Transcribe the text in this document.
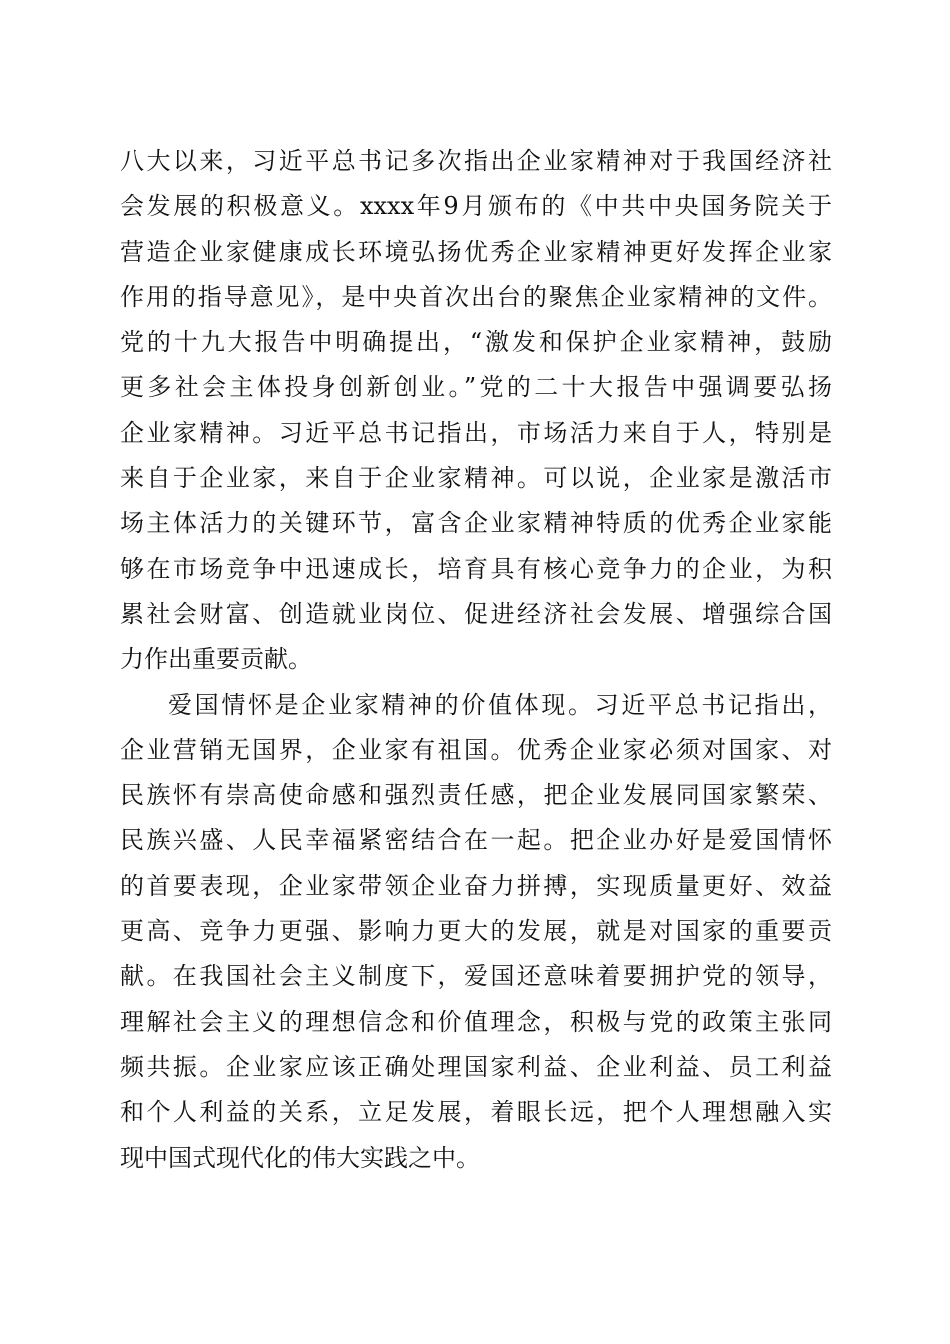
八大以来，习近平总书记多次指出企业家精神对于我国经济社
会发展的积极意义。xxxx年9月颁布的《中共中央国务院关于
营造企业家健康成长环境弘扬优秀企业家精神更好发挥企业家
作用的指导意见》，是中央首次出台的聚焦企业家精神的文件。
党的十九大报告中明确提出，“激发和保护企业家精神，鼓励
更多社会主体投身创新创业。”党的二十大报告中强调要弘扬
企业家精神。习近平总书记指出，市场活力来自于人，特别是
来自于企业家，来自于企业家精神。可以说，企业家是激活市
场主体活力的关键环节，富含企业家精神特质的优秀企业家能
够在市场竞争中迅速成长，培育具有核心竞争力的企业，为积
累社会财富、创造就业岗位、促进经济社会发展、增强综合国
力作出重要贡献。
爱国情怀是企业家精神的价值体现。习近平总书记指出，
企业营销无国界，企业家有祖国。优秀企业家必须对国家、对
民族怀有崇高使命感和强烈责任感，把企业发展同国家繁荣、
民族兴盛、人民幸福紧密结合在一起。把企业办好是爱国情怀
的首要表现，企业家带领企业奋力拼搏，实现质量更好、效益
更高、竞争力更强、影响力更大的发展，就是对国家的重要贡
献。在我国社会主义制度下，爱国还意味着要拥护党的领导，
理解社会主义的理想信念和价值理念，积极与党的政策主张同
频共振。企业家应该正确处理国家利益、企业利益、员工利益
和个人利益的关系，立足发展，着眼长远，把个人理想融入实
现中国式现代化的伟大实践之中。
